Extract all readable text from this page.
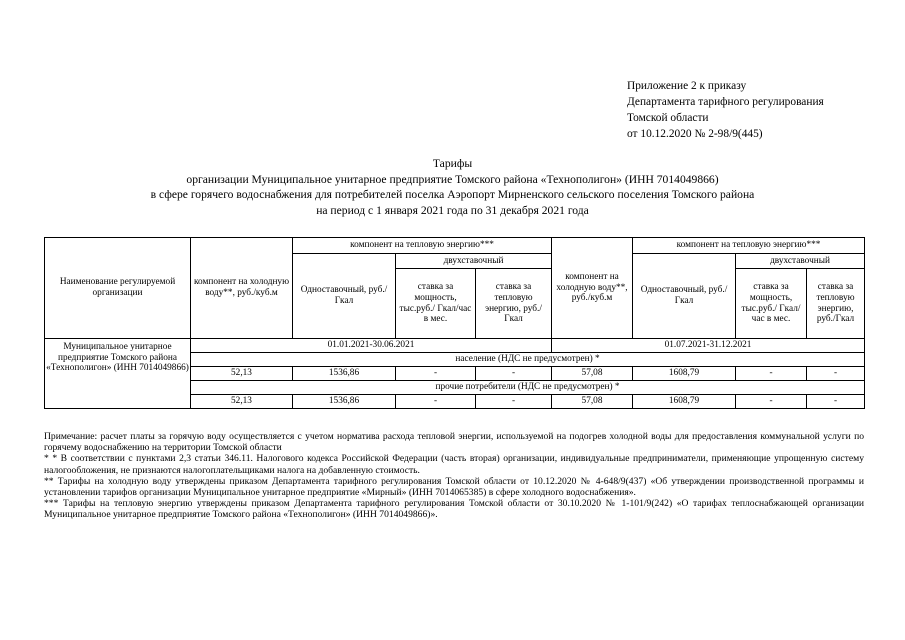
Приложение 2 к приказу
Департамента тарифного регулирования
Томской области
от 10.12.2020 № 2-98/9(445)
Тарифы
организации Муниципальное унитарное предприятие Томского района «Технополигон» (ИНН 7014049866)
в сфере горячего водоснабжения для потребителей поселка Аэропорт Мирненского сельского поселения Томского района
на период с 1 января 2021 года по 31 декабря 2021 года
Наименование регулируемой организации	компонент на холодную воду**, руб./куб.м	компонент на тепловую энергию***			компонент на холодную воду**, руб./куб.м	компонент на тепловую энергию***		
		Одноставочный, руб./Гкал	двухставочный			Одноставочный, руб./Гкал	двухставочный	
			ставка за мощность, тыс.руб./ Гкал/час в мес.	ставка за тепловую энергию, руб./Гкал			ставка за мощность, тыс.руб./ Гкал/час в мес.	ставка за тепловую энергию, руб./Гкал
Муниципальное унитарное предприятие Томского района «Технополигон» (ИНН 7014049866)	01.01.2021-30.06.2021				01.07.2021-31.12.2021			
	население (НДС не предусмотрен) *							
	52,13	1536,86	-	-	57,08	1608,79	-	-
	прочие потребители (НДС не предусмотрен) *							
	52,13	1536,86	-	-	57,08	1608,79	-	-

Примечание: расчет платы за горячую воду осуществляется с учетом норматива расхода тепловой энергии, используемой на подогрев холодной воды для предоставления коммунальной услуги по горячему водоснабжению на территории Томской области

* * В соответствии с пунктами 2,3 статьи 346.11. Налогового кодекса Российской Федерации (часть вторая) организации, индивидуальные предприниматели, применяющие упрощенную систему налогообложения, не признаются налогоплательщиками налога на добавленную стоимость.

** Тарифы на холодную воду утверждены приказом Департамента тарифного регулирования Томской области от 10.12.2020 № 4-648/9(437) «Об утверждении производственной программы и установлении тарифов организации Муниципальное унитарное предприятие «Мирный» (ИНН 7014065385) в сфере холодного водоснабжения».

*** Тарифы на тепловую энергию утверждены приказом Департамента тарифного регулирования Томской области от 30.10.2020 № 1-101/9(242) «О тарифах теплоснабжающей организации Муниципальное унитарное предприятие Томского района «Технополигон» (ИНН 7014049866)».
